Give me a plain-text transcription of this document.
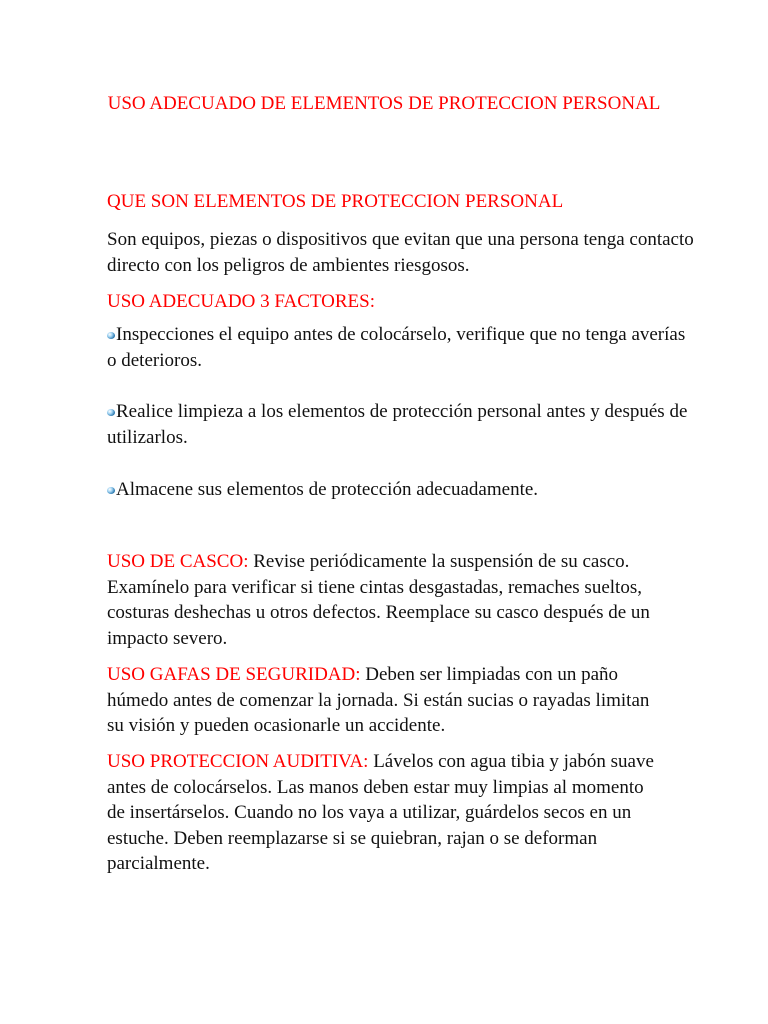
USO ADECUADO DE ELEMENTOS DE PROTECCION PERSONAL

QUE SON ELEMENTOS DE PROTECCION PERSONAL

Son equipos, piezas o dispositivos que evitan que una persona tenga contacto directo con los peligros de ambientes riesgosos.

USO ADECUADO 3 FACTORES:

Inspecciones el equipo antes de colocárselo, verifique que no tenga averías o deterioros.

Realice limpieza a los elementos de protección personal antes y después de utilizarlos.

Almacene sus elementos de protección adecuadamente.

USO DE CASCO: Revise periódicamente la suspensión de su casco. Examínelo para verificar si tiene cintas desgastadas, remaches sueltos, costuras deshechas u otros defectos. Reemplace su casco después de un impacto severo.

USO GAFAS DE SEGURIDAD: Deben ser limpiadas con un paño húmedo antes de comenzar la jornada. Si están sucias o rayadas limitan su visión y pueden ocasionarle un accidente.

USO PROTECCION AUDITIVA: Lávelos con agua tibia y jabón suave antes de colocárselos. Las manos deben estar muy limpias al momento de insertárselos. Cuando no los vaya a utilizar, guárdelos secos en un estuche. Deben reemplazarse si se quiebran, rajan o se deforman parcialmente.
